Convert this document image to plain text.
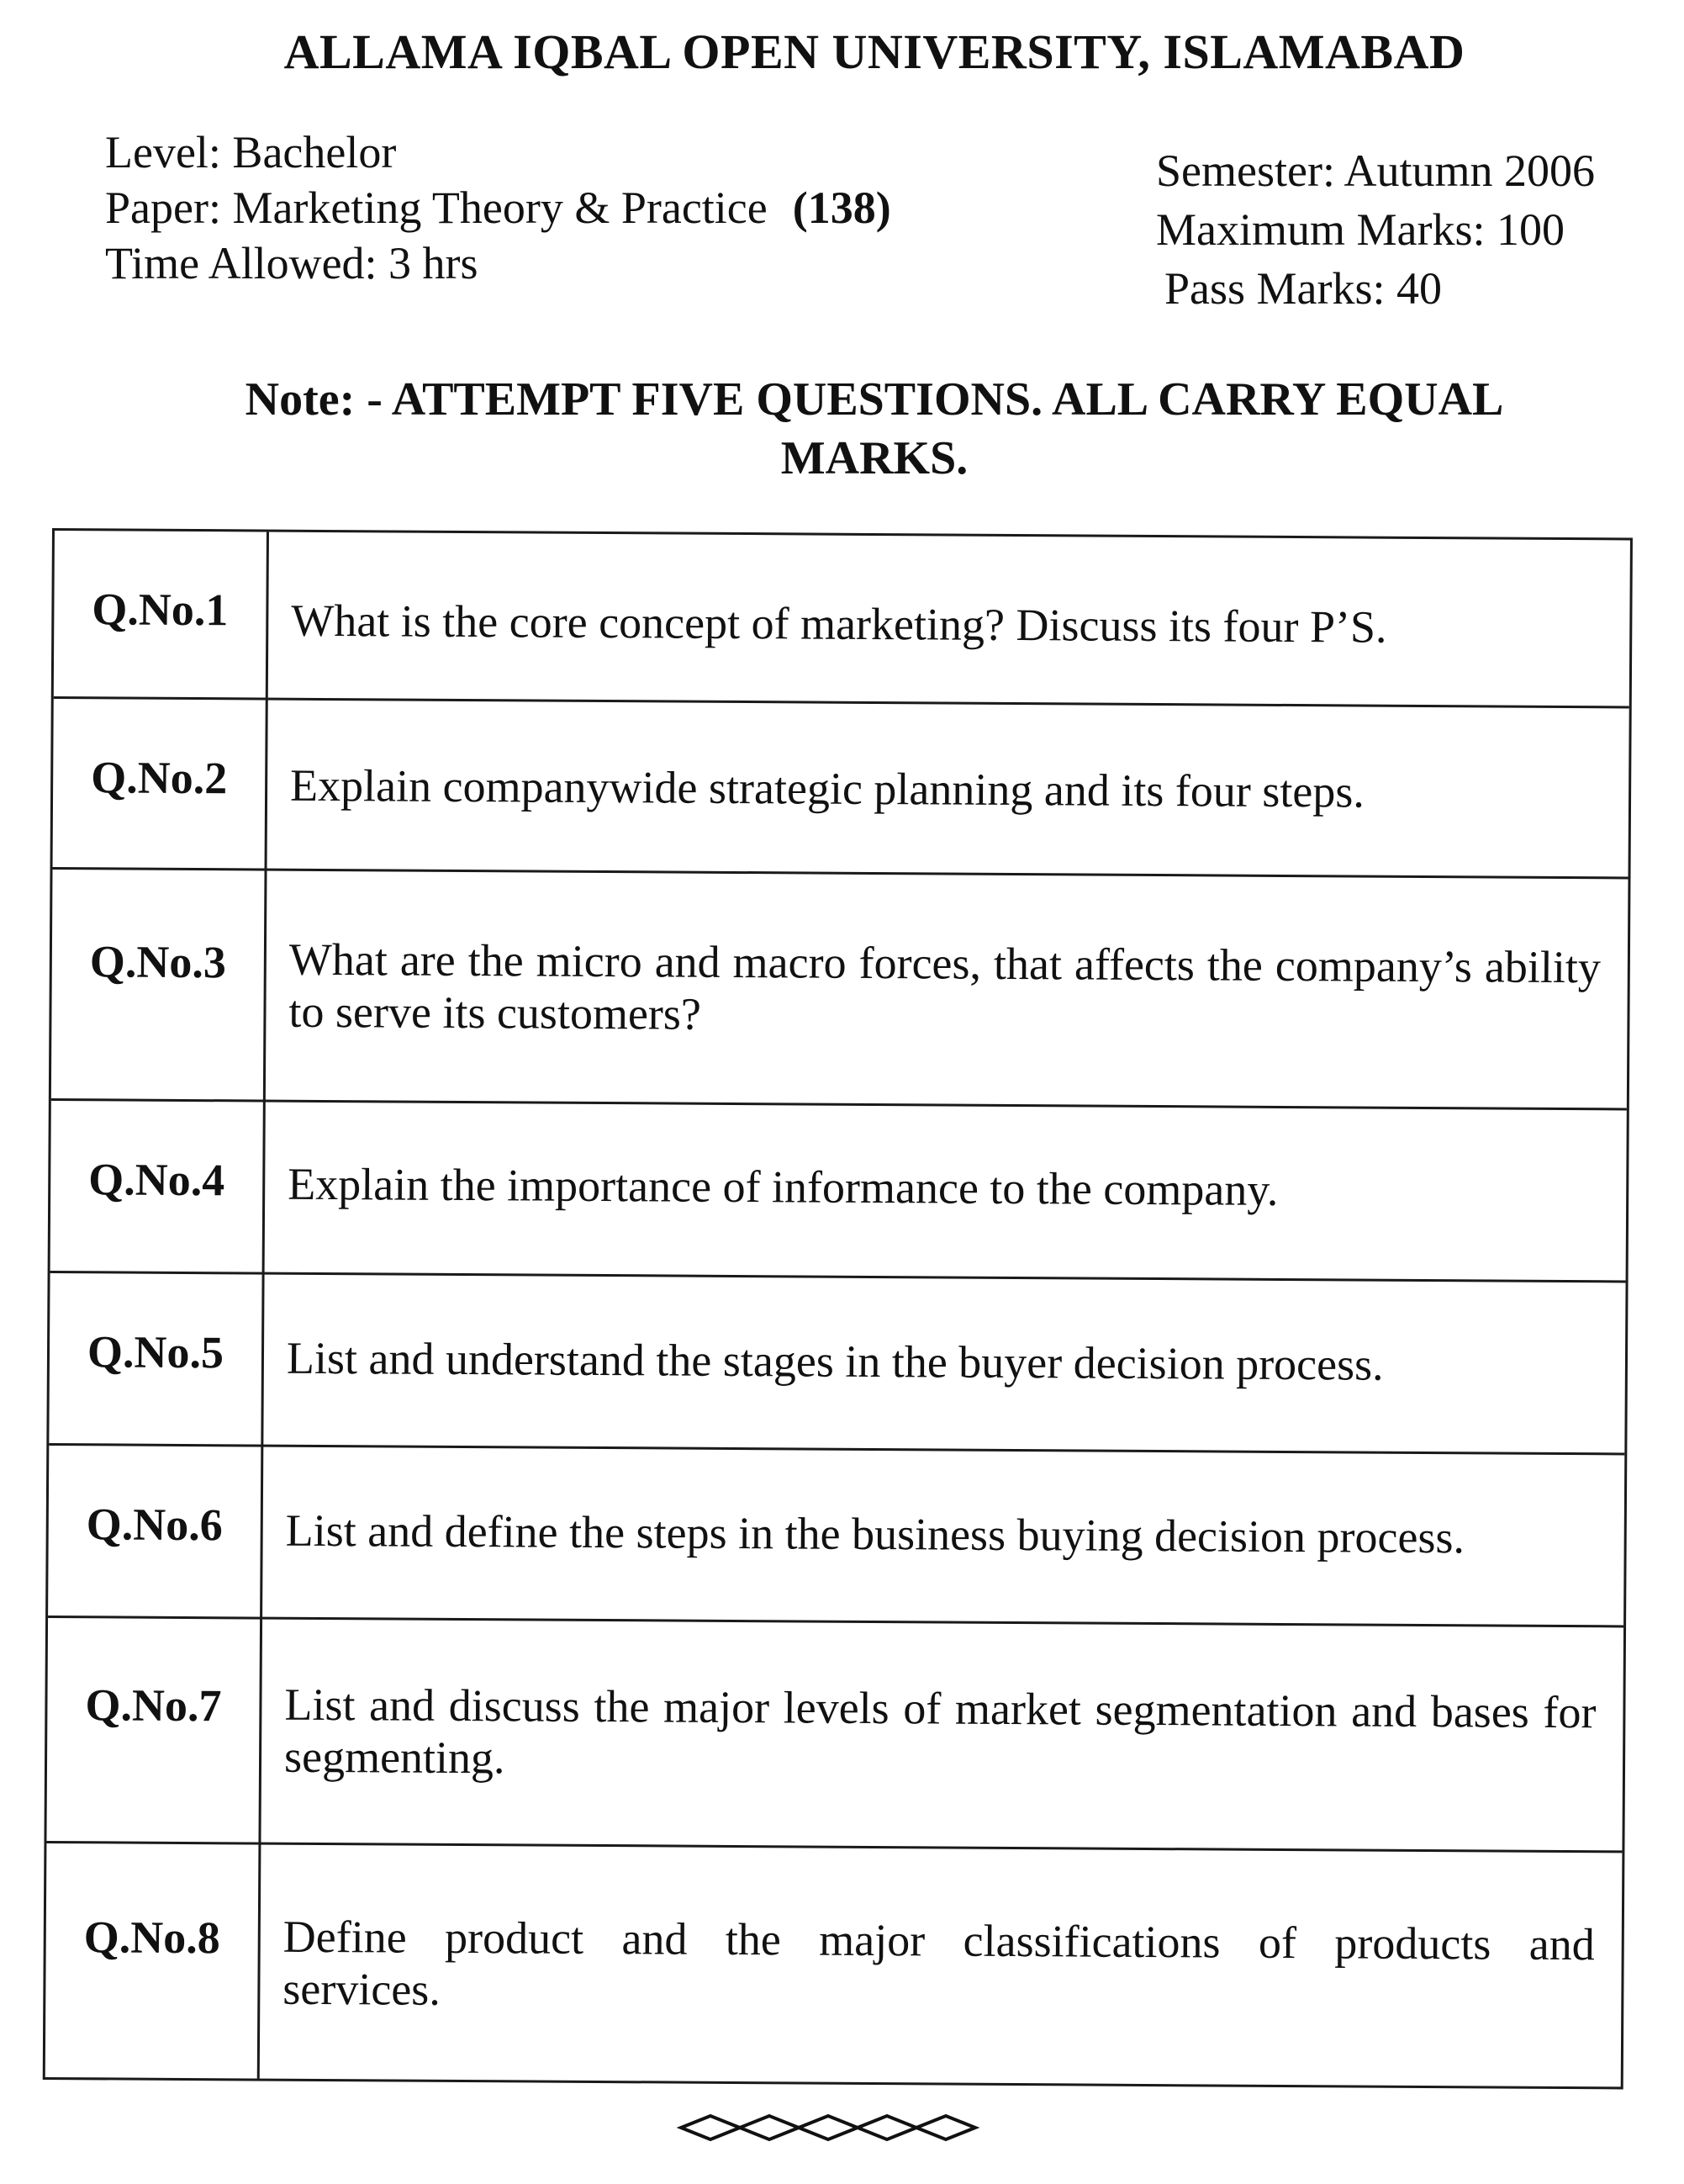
ALLAMA IQBAL OPEN UNIVERSITY, ISLAMABAD
Level: Bachelor
Paper: Marketing Theory & Practice (138)
Time Allowed: 3 hrs
Semester: Autumn 2006
Maximum Marks: 100
Pass Marks: 40
Note: - ATTEMPT FIVE QUESTIONS. ALL CARRY EQUAL
MARKS.
Q.No.1	What is the core concept of marketing? Discuss its four P’S.
Q.No.2	Explain companywide strategic planning and its four steps.
Q.No.3	What are the micro and macro forces, that affects the company’s ability to serve its customers?
Q.No.4	Explain the importance of informance to the company.
Q.No.5	List and understand the stages in the buyer decision process.
Q.No.6	List and define the steps in the business buying decision process.
Q.No.7	List and discuss the major levels of market segmentation and bases for segmenting.
Q.No.8	Define product and the major classifications of products and services.
